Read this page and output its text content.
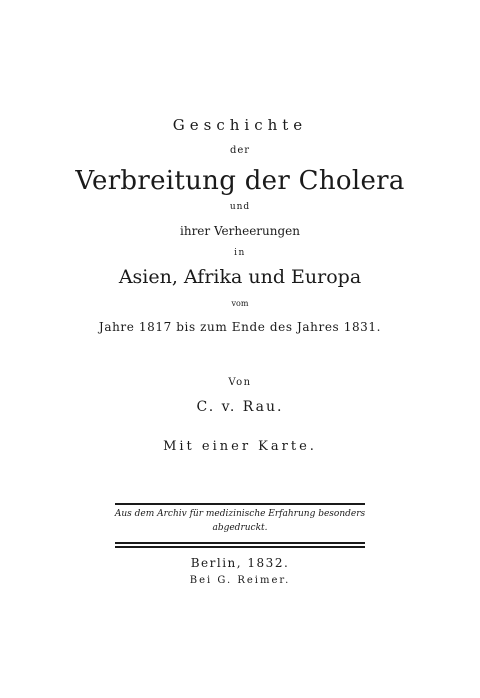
Geschichte
der
Verbreitung der Cholera
und
ihrer Verheerungen
in
Asien, Afrika und Europa
vom
Jahre 1817 bis zum Ende des Jahres 1831.
Von
C. v. Rau.
Mit einer Karte.
Aus dem Archiv für medizinische Erfahrung besonders
abgedruckt.
Berlin, 1832.
Bei G. Reimer.
